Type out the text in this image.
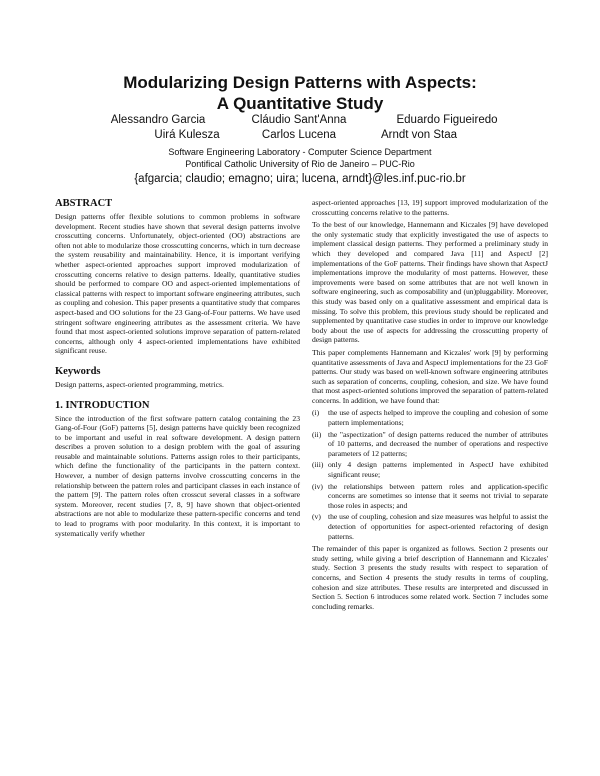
Modularizing Design Patterns with Aspects:
A Quantitative Study
Alessandro Garcia	Cláudio Sant'Anna	Eduardo Figueiredo
Uirá Kulesza	Carlos Lucena	Arndt von Staa
Software Engineering Laboratory - Computer Science Department
Pontifical Catholic University of Rio de Janeiro – PUC-Rio
{afgarcia; claudio; emagno; uira; lucena, arndt}@les.inf.puc-rio.br
ABSTRACT

Design patterns offer flexible solutions to common problems in software development. Recent studies have shown that several design patterns involve crosscutting concerns. Unfortunately, object-oriented (OO) abstractions are often not able to modularize those crosscutting concerns, which in turn decrease the system reusability and maintainability. Hence, it is important verifying whether aspect-oriented approaches support improved modularization of crosscutting concerns relative to design patterns. Ideally, quantitative studies should be performed to compare OO and aspect-oriented implementations of classical patterns with respect to important software engineering attributes, such as coupling and cohesion. This paper presents a quantitative study that compares aspect-based and OO solutions for the 23 Gang-of-Four patterns. We have used stringent software engineering attributes as the assessment criteria. We have found that most aspect-oriented solutions improve separation of pattern-related concerns, although only 4 aspect-oriented implementations have exhibited significant reuse.

Keywords

Design patterns, aspect-oriented programming, metrics.

1. INTRODUCTION

Since the introduction of the first software pattern catalog containing the 23 Gang-of-Four (GoF) patterns [5], design patterns have quickly been recognized to be important and useful in real software development. A design pattern describes a proven solution to a design problem with the goal of assuring reusable and maintainable solutions. Patterns assign roles to their participants, which define the functionality of the participants in the pattern context. However, a number of design patterns involve crosscutting concerns in the relationship between the pattern roles and participant classes in each instance of the pattern [9]. The pattern roles often crosscut several classes in a software system. Moreover, recent studies [7, 8, 9] have shown that object-oriented abstractions are not able to modularize these pattern-specific concerns and tend to lead to programs with poor modularity. In this context, it is important to systematically verify whether

aspect-oriented approaches [13, 19] support improved modularization of the crosscutting concerns relative to the patterns.

To the best of our knowledge, Hannemann and Kiczales [9] have developed the only systematic study that explicitly investigated the use of aspects to implement classical design patterns. They performed a preliminary study in which they developed and compared Java [11] and AspectJ [2] implementations of the GoF patterns. Their findings have shown that AspectJ implementations improve the modularity of most patterns. However, these improvements were based on some attributes that are not well known in software engineering, such as composability and (un)pluggability. Moreover, this study was based only on a qualitative assessment and empirical data is missing. To solve this problem, this previous study should be replicated and supplemented by quantitative case studies in order to improve our knowledge body about the use of aspects for addressing the crosscutting property of design patterns.

This paper complements Hannemann and Kiczales' work [9] by performing quantitative assessments of Java and AspectJ implementations for the 23 GoF patterns. Our study was based on well-known software engineering attributes such as separation of concerns, coupling, cohesion, and size. We have found that most aspect-oriented solutions improved the separation of pattern-related concerns. In addition, we have found that:

(i) the use of aspects helped to improve the coupling and cohesion of some pattern implementations;
(ii) the "aspectization" of design patterns reduced the number of attributes of 10 patterns, and decreased the number of operations and respective parameters of 12 patterns;
(iii) only 4 design patterns implemented in AspectJ have exhibited significant reuse;
(iv) the relationships between pattern roles and application-specific concerns are sometimes so intense that it seems not trivial to separate those roles in aspects; and
(v) the use of coupling, cohesion and size measures was helpful to assist the detection of opportunities for aspect-oriented refactoring of design patterns.

The remainder of this paper is organized as follows. Section 2 presents our study setting, while giving a brief description of Hannemann and Kiczales' study. Section 3 presents the study results with respect to separation of concerns, and Section 4 presents the study results in terms of coupling, cohesion and size attributes. These results are interpreted and discussed in Section 5. Section 6 introduces some related work. Section 7 includes some concluding remarks.
